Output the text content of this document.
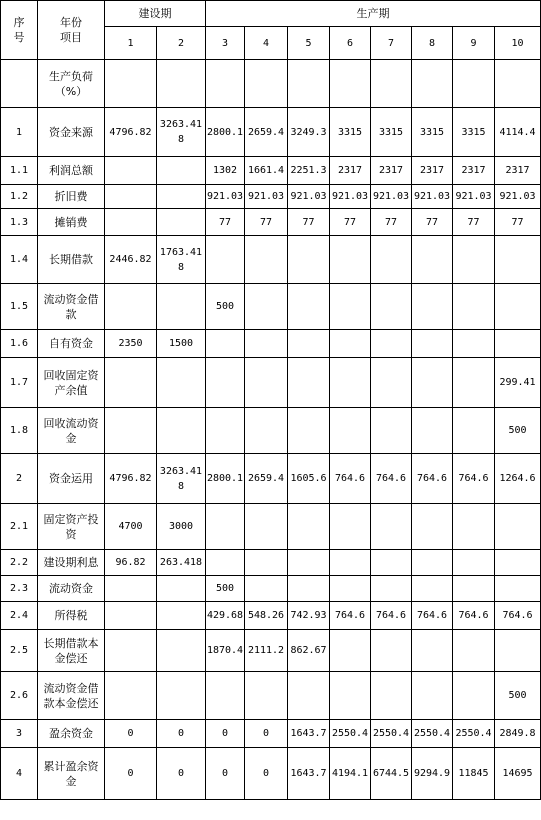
序
号	年份
项目	建设期		生产期							
		1	2	3	4	5	6	7	8	9	10
	生产负荷
（%）										
1	资金来源	4796.82	3263.418	2800.1	2659.4	3249.3	3315	3315	3315	3315	4114.4
1.1	利润总额			1302	1661.4	2251.3	2317	2317	2317	2317	2317
1.2	折旧费			921.03	921.03	921.03	921.03	921.03	921.03	921.03	921.03
1.3	摊销费			77	77	77	77	77	77	77	77
1.4	长期借款	2446.82	1763.418								
1.5	流动资金借
款			500							
1.6	自有资金	2350	1500								
1.7	回收固定资
产余值										299.41
1.8	回收流动资
金										500
2	资金运用	4796.82	3263.418	2800.1	2659.4	1605.6	764.6	764.6	764.6	764.6	1264.6
2.1	固定资产投
资	4700	3000								
2.2	建设期利息	96.82	263.418								
2.3	流动资金			500							
2.4	所得税			429.68	548.26	742.93	764.6	764.6	764.6	764.6	764.6
2.5	长期借款本
金偿还			1870.4	2111.2	862.67					
2.6	流动资金借
款本金偿还										500
3	盈余资金	0	0	0	0	1643.7	2550.4	2550.4	2550.4	2550.4	2849.8
4	累计盈余资
金	0	0	0	0	1643.7	4194.1	6744.5	9294.9	11845	14695
